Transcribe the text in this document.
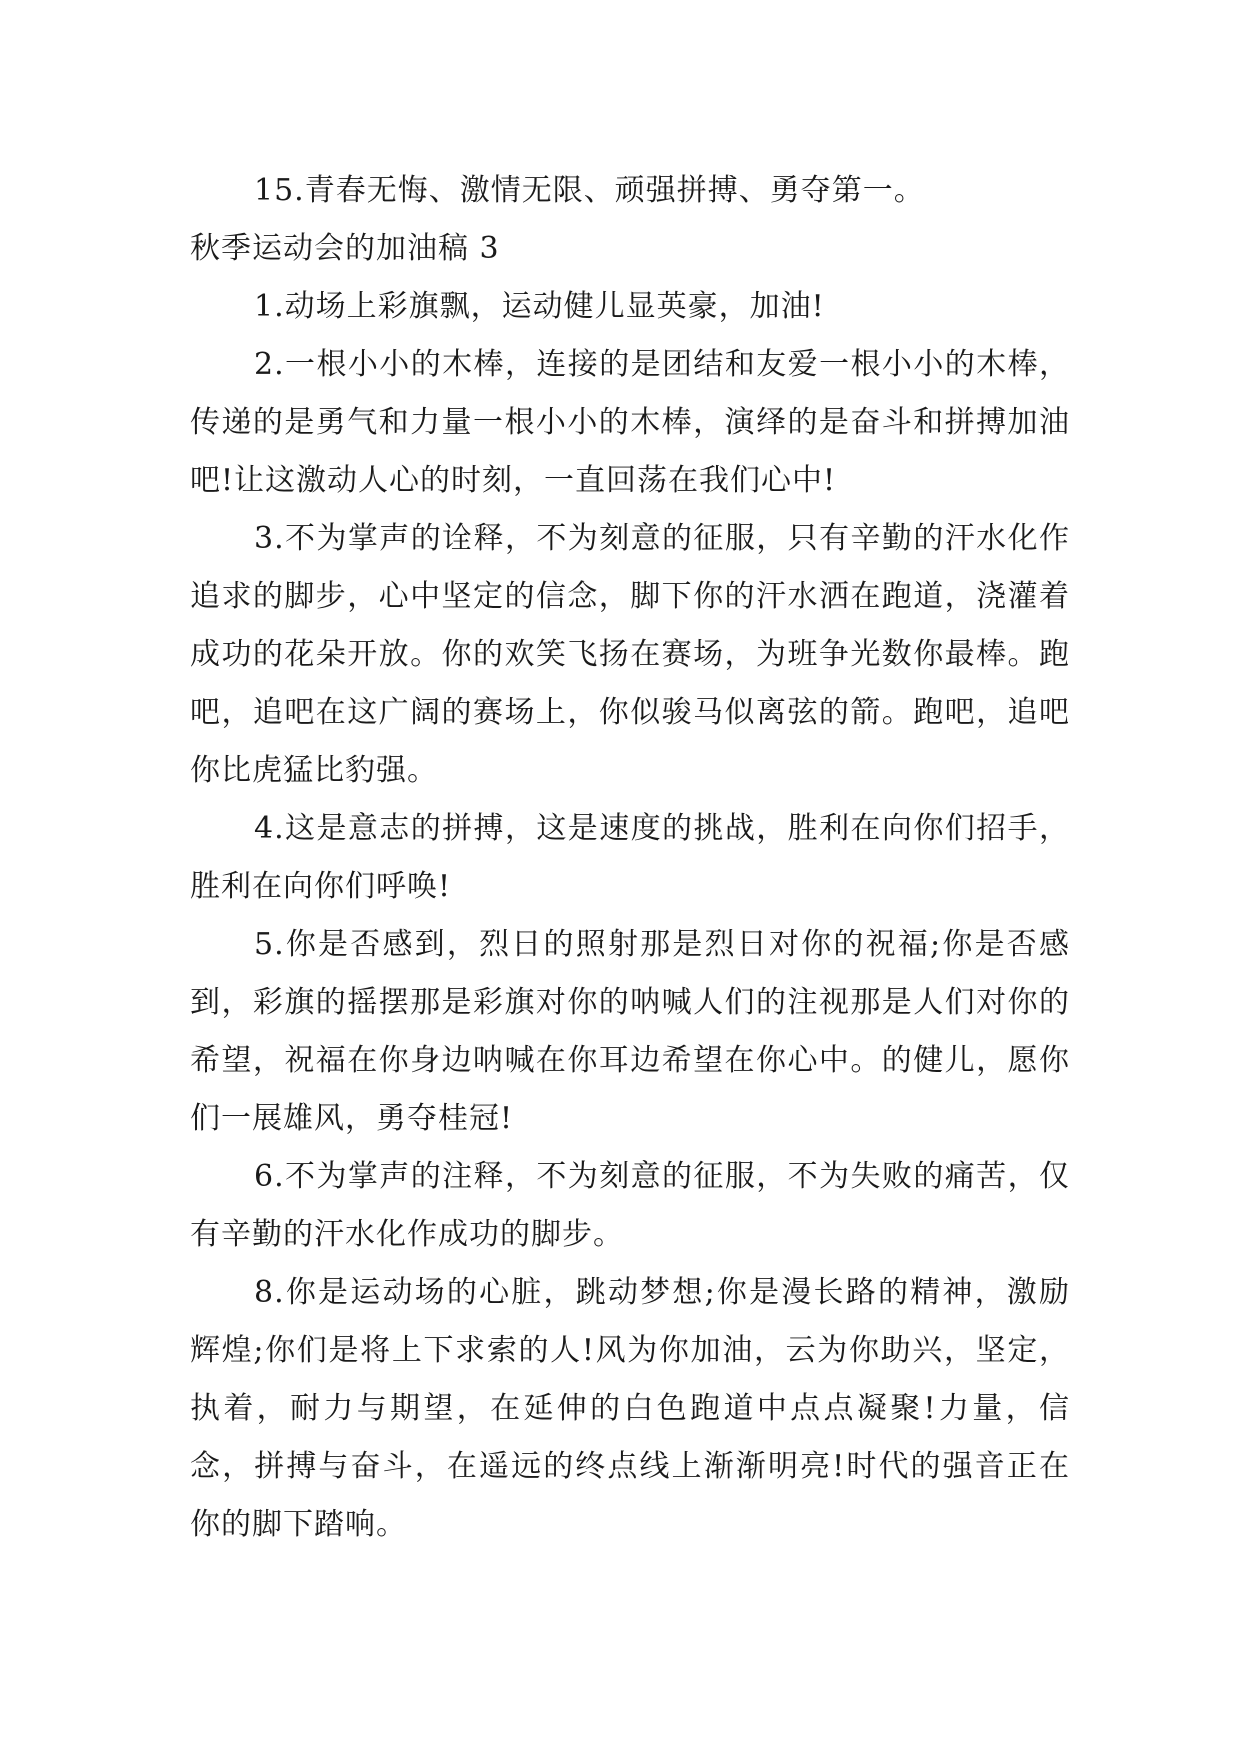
15.青春无悔、激情无限、顽强拼搏、勇夺第一。

秋季运动会的加油稿 3

1.动场上彩旗飘，运动健儿显英豪，加油!

2.一根小小的木棒，连接的是团结和友爱一根小小的木棒，传递的是勇气和力量一根小小的木棒，演绎的是奋斗和拼搏加油吧!让这激动人心的时刻，一直回荡在我们心中!

3.不为掌声的诠释，不为刻意的征服，只有辛勤的汗水化作追求的脚步，心中坚定的信念，脚下你的汗水洒在跑道，浇灌着成功的花朵开放。你的欢笑飞扬在赛场，为班争光数你最棒。跑吧，追吧在这广阔的赛场上，你似骏马似离弦的箭。跑吧，追吧你比虎猛比豹强。

4.这是意志的拼搏，这是速度的挑战，胜利在向你们招手，胜利在向你们呼唤!

5.你是否感到，烈日的照射那是烈日对你的祝福;你是否感到，彩旗的摇摆那是彩旗对你的呐喊人们的注视那是人们对你的希望，祝福在你身边呐喊在你耳边希望在你心中。的健儿，愿你们一展雄风，勇夺桂冠!

6.不为掌声的注释，不为刻意的征服，不为失败的痛苦，仅有辛勤的汗水化作成功的脚步。

8.你是运动场的心脏，跳动梦想;你是漫长路的精神，激励辉煌;你们是将上下求索的人!风为你加油，云为你助兴，坚定，执着，耐力与期望，在延伸的白色跑道中点点凝聚!力量，信念，拼搏与奋斗，在遥远的终点线上渐渐明亮!时代的强音正在你的脚下踏响。
